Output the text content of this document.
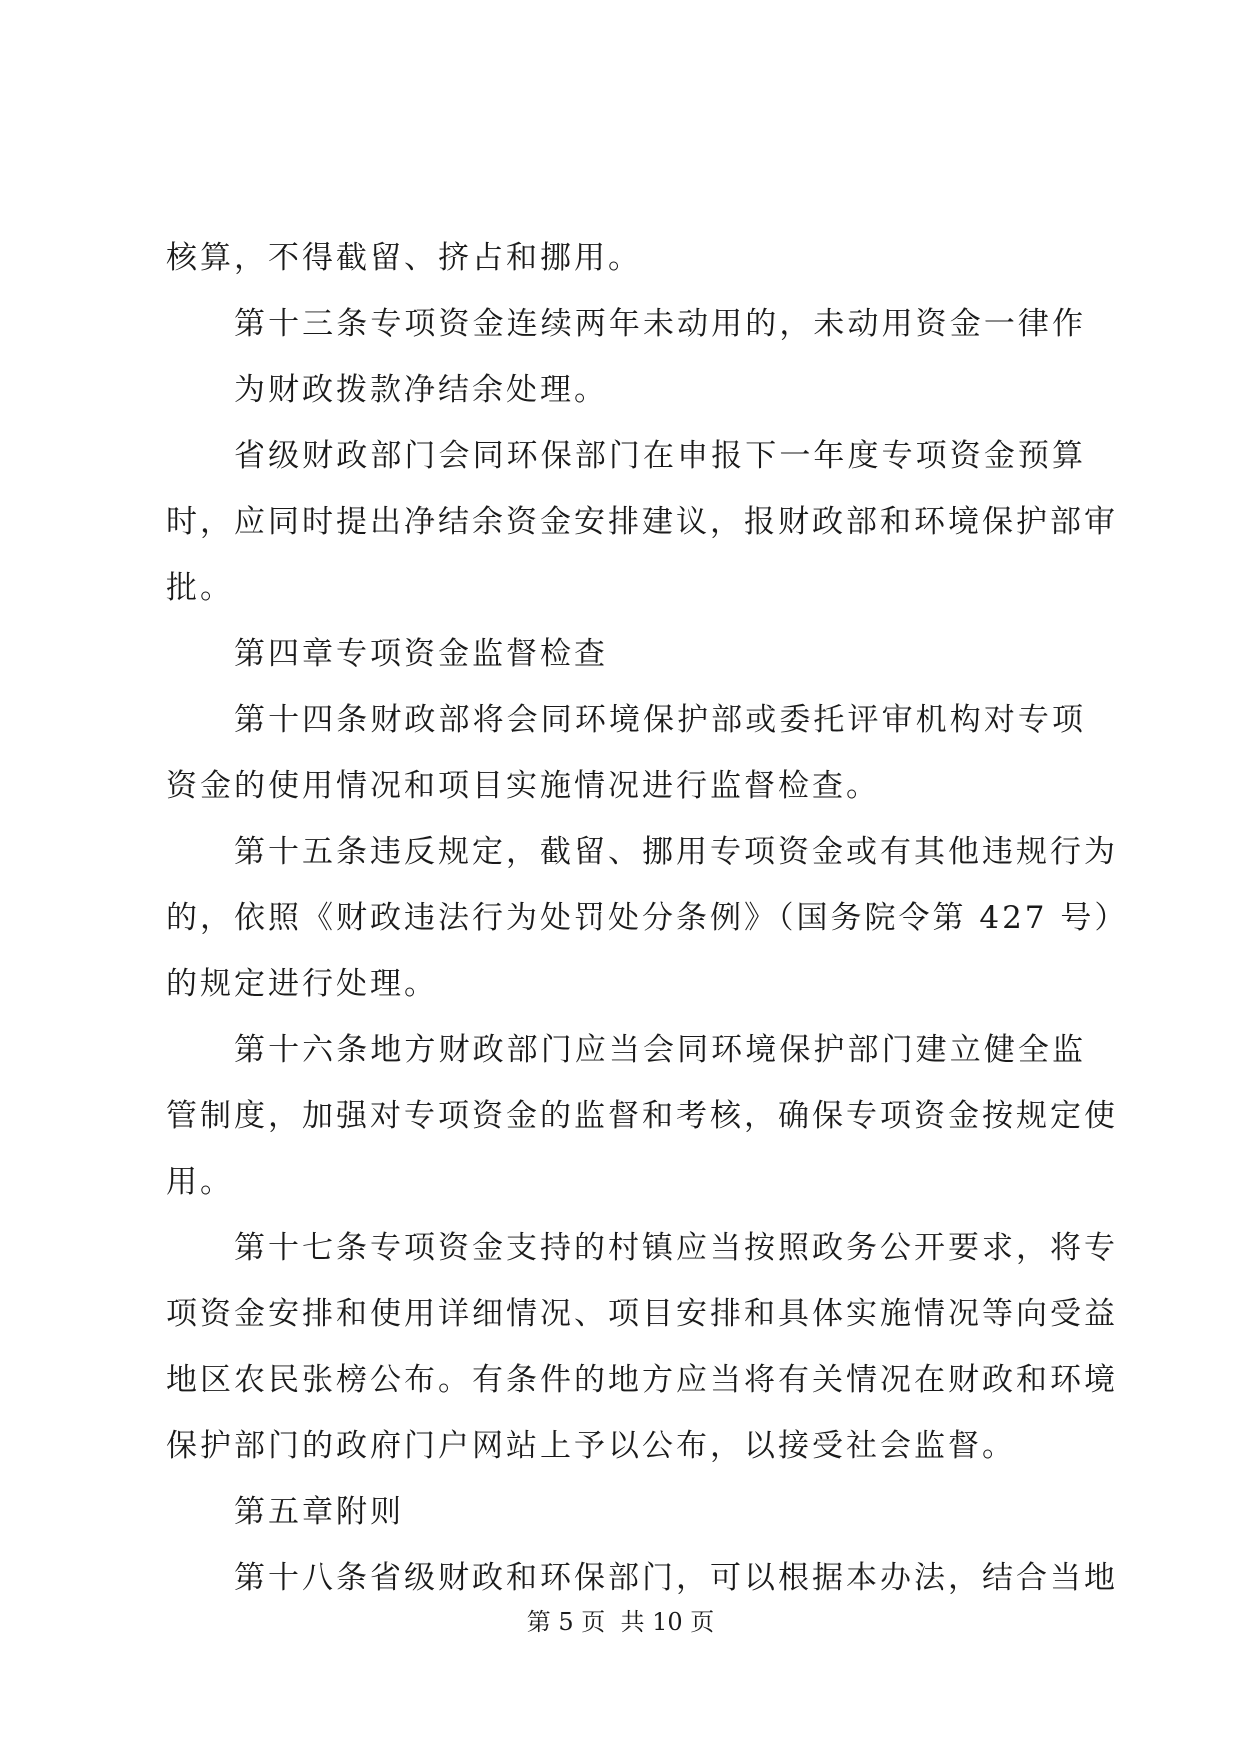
核算，不得截留、挤占和挪用。
第十三条专项资金连续两年未动用的，未动用资金一律作
为财政拨款净结余处理。
省级财政部门会同环保部门在申报下一年度专项资金预算
时，应同时提出净结余资金安排建议，报财政部和环境保护部审
批。
第四章专项资金监督检查
第十四条财政部将会同环境保护部或委托评审机构对专项
资金的使用情况和项目实施情况进行监督检查。
第十五条违反规定，截留、挪用专项资金或有其他违规行为
的，依照《财政违法行为处罚处分条例》（国务院令第 427 号）
的规定进行处理。
第十六条地方财政部门应当会同环境保护部门建立健全监
管制度，加强对专项资金的监督和考核，确保专项资金按规定使
用。
第十七条专项资金支持的村镇应当按照政务公开要求，将专
项资金安排和使用详细情况、项目安排和具体实施情况等向受益
地区农民张榜公布。有条件的地方应当将有关情况在财政和环境
保护部门的政府门户网站上予以公布，以接受社会监督。
第五章附则
第十八条省级财政和环保部门，可以根据本办法，结合当地
第 5 页  共 10 页
